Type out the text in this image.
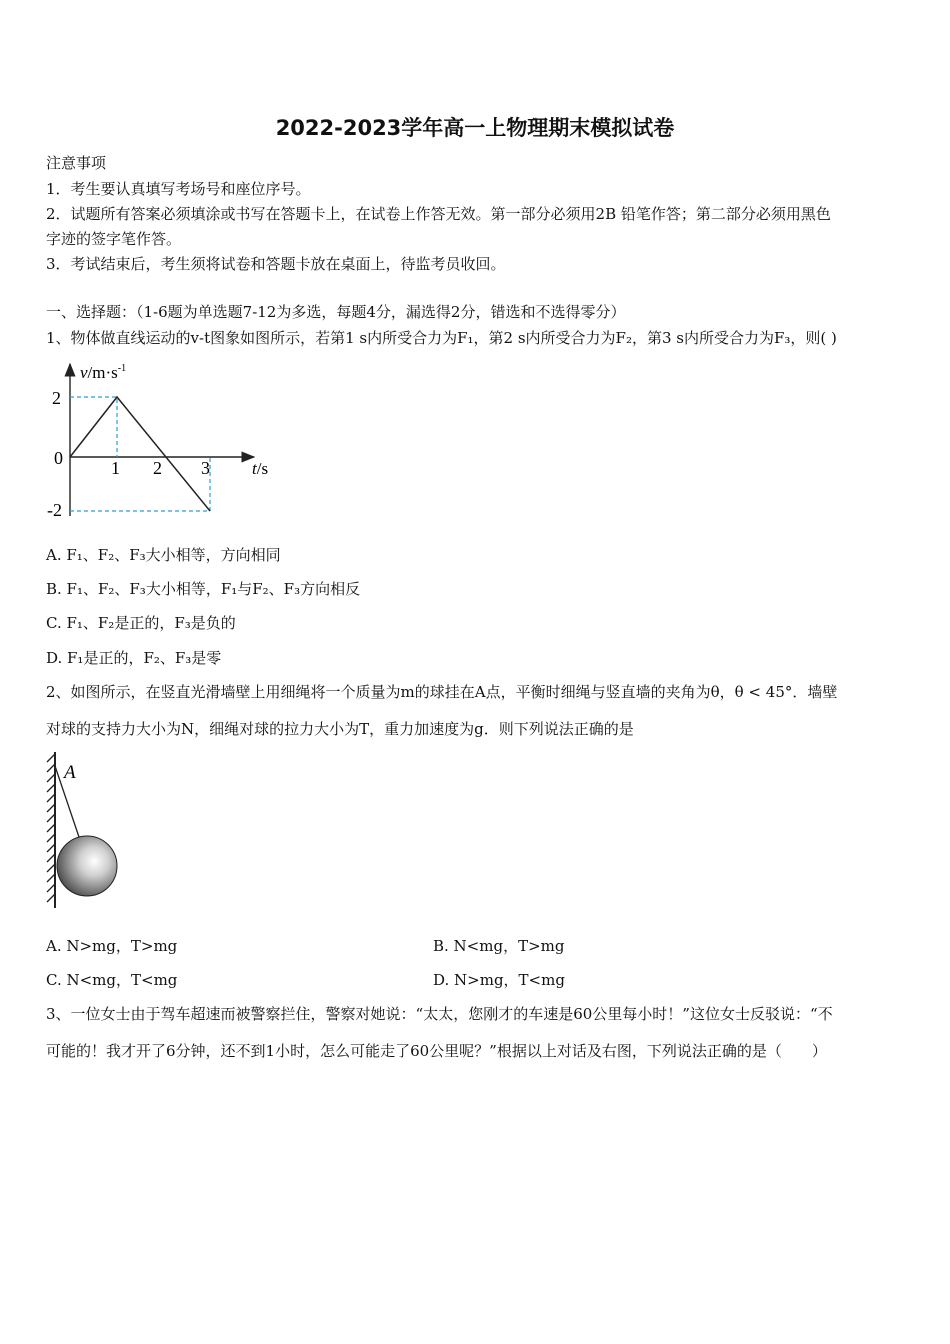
2022-2023学年高一上物理期末模拟试卷
注意事项
1．考生要认真填写考场号和座位序号。
2．试题所有答案必须填涂或书写在答题卡上，在试卷上作答无效。第一部分必须用2B 铅笔作答；第二部分必须用黑色
字迹的签字笔作答。
3．考试结束后，考生须将试卷和答题卡放在桌面上，待监考员收回。
一、选择题：（1-6题为单选题7-12为多选，每题4分，漏选得2分，错选和不选得零分）
1、物体做直线运动的v-t图象如图所示，若第1 s内所受合力为F₁，第2 s内所受合力为F₂，第3 s内所受合力为F₃，则( )
$v/m\cdot s^{-1}$
t/s
2
0
-2
1 2 3
A. F₁、F₂、F₃大小相等，方向相同
B. F₁、F₂、F₃大小相等，F₁与F₂、F₃方向相反
C. F₁、F₂是正的，F₃是负的
D. F₁是正的，F₂、F₃是零
2、如图所示，在竖直光滑墙壁上用细绳将一个质量为m的球挂在A点，平衡时细绳与竖直墙的夹角为θ，θ < 45°．墙壁
对球的支持力大小为N，细绳对球的拉力大小为T，重力加速度为g．则下列说法正确的是
A
A. N>mg，T>mg	B. N<mg，T>mg
C. N<mg，T<mg	D. N>mg，T<mg
3、一位女士由于驾车超速而被警察拦住，警察对她说：“太太，您刚才的车速是60公里每小时！”这位女士反驳说：“不
可能的！我才开了6分钟，还不到1小时，怎么可能走了60公里呢？”根据以上对话及右图，下列说法正确的是（　　）
